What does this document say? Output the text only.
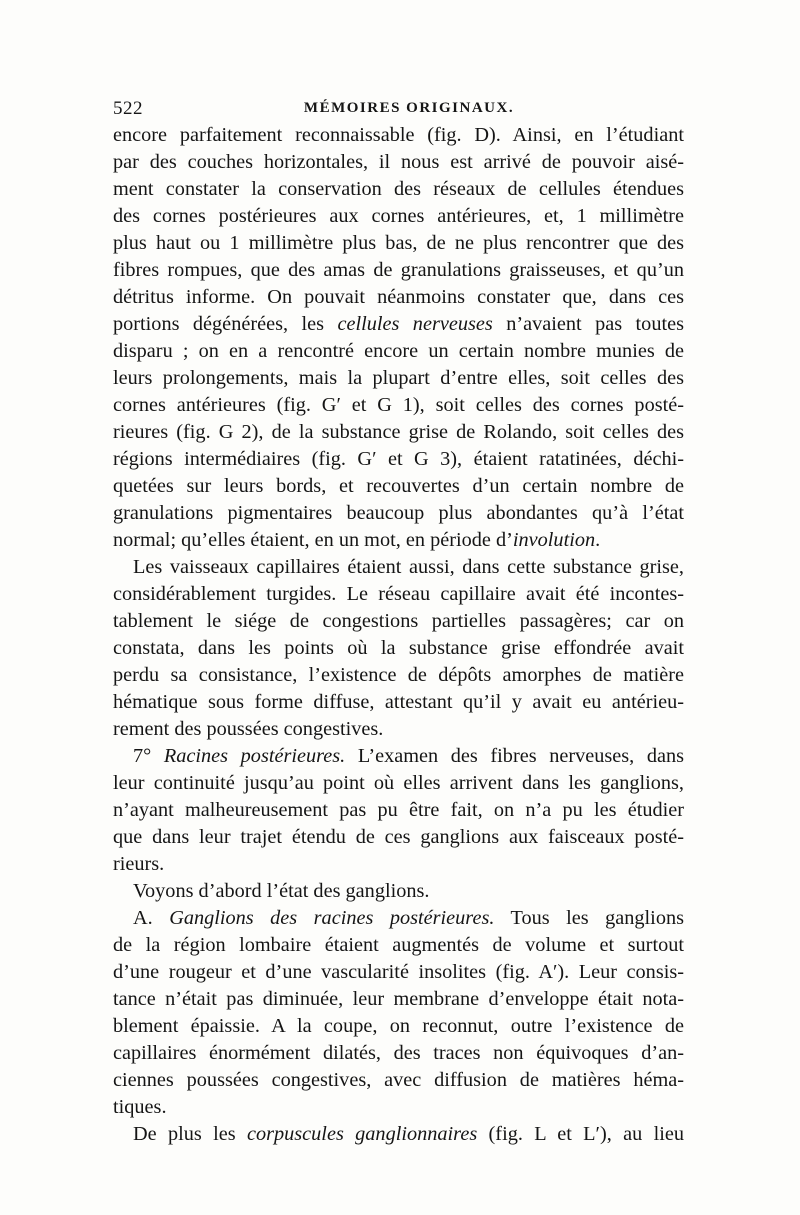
522	MÉMOIRES ORIGINAUX.
encore parfaitement reconnaissable (fig. D). Ainsi, en l’étudiant
par des couches horizontales, il nous est arrivé de pouvoir aisé-
ment constater la conservation des réseaux de cellules étendues
des cornes postérieures aux cornes antérieures, et, 1 millimètre
plus haut ou 1 millimètre plus bas, de ne plus rencontrer que des
fibres rompues, que des amas de granulations graisseuses, et qu’un
détritus informe. On pouvait néanmoins constater que, dans ces
portions dégénérées, les cellules nerveuses n’avaient pas toutes
disparu ; on en a rencontré encore un certain nombre munies de
leurs prolongements, mais la plupart d’entre elles, soit celles des
cornes antérieures (fig. G′ et G 1), soit celles des cornes posté-
rieures (fig. G 2), de la substance grise de Rolando, soit celles des
régions intermédiaires (fig. G′ et G 3), étaient ratatinées, déchi-
quetées sur leurs bords, et recouvertes d’un certain nombre de
granulations pigmentaires beaucoup plus abondantes qu’à l’état
normal; qu’elles étaient, en un mot, en période d’involution.
Les vaisseaux capillaires étaient aussi, dans cette substance grise,
considérablement turgides. Le réseau capillaire avait été incontes-
tablement le siége de congestions partielles passagères; car on
constata, dans les points où la substance grise effondrée avait
perdu sa consistance, l’existence de dépôts amorphes de matière
hématique sous forme diffuse, attestant qu’il y avait eu antérieu-
rement des poussées congestives.
7° Racines postérieures. L’examen des fibres nerveuses, dans
leur continuité jusqu’au point où elles arrivent dans les ganglions,
n’ayant malheureusement pas pu être fait, on n’a pu les étudier
que dans leur trajet étendu de ces ganglions aux faisceaux posté-
rieurs.
Voyons d’abord l’état des ganglions.
A. Ganglions des racines postérieures. Tous les ganglions
de la région lombaire étaient augmentés de volume et surtout
d’une rougeur et d’une vascularité insolites (fig. A′). Leur consis-
tance n’était pas diminuée, leur membrane d’enveloppe était nota-
blement épaissie. A la coupe, on reconnut, outre l’existence de
capillaires énormément dilatés, des traces non équivoques d’an-
ciennes poussées congestives, avec diffusion de matières héma-
tiques.
De plus les corpuscules ganglionnaires (fig. L et L′), au lieu
